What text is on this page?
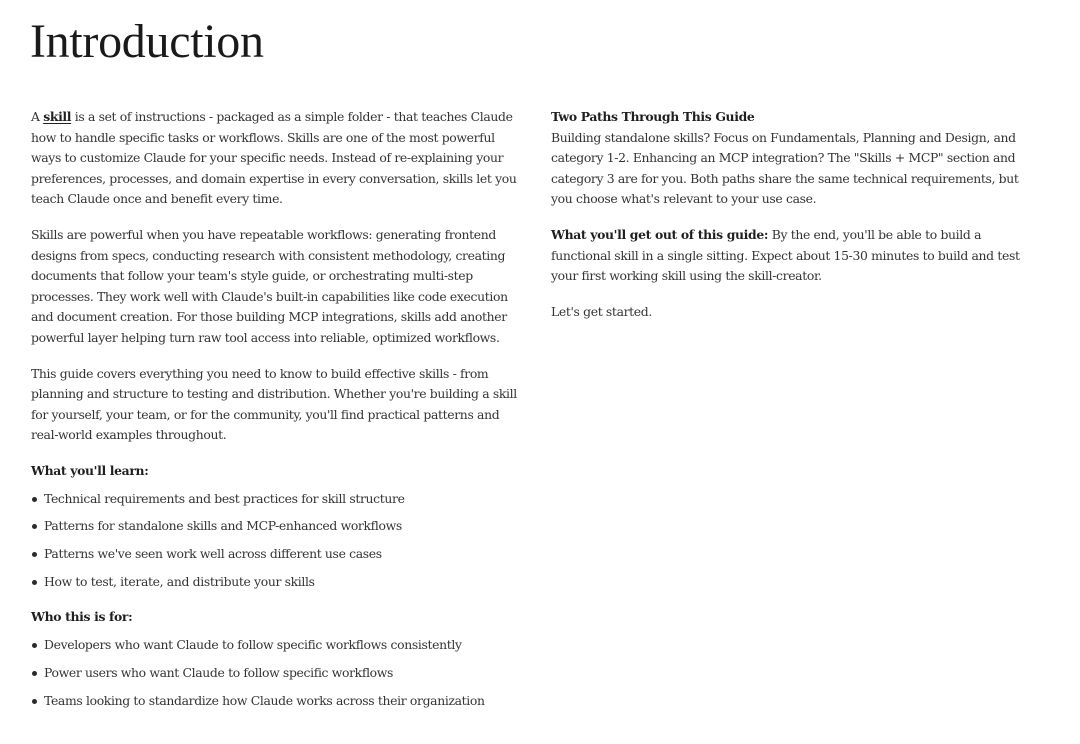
Introduction

A skill is a set of instructions - packaged as a simple folder - that teaches Claude how to handle specific tasks or workflows. Skills are one of the most powerful ways to customize Claude for your specific needs. Instead of re-explaining your preferences, processes, and domain expertise in every conversation, skills let you teach Claude once and benefit every time.

Skills are powerful when you have repeatable workflows: generating frontend designs from specs, conducting research with consistent methodology, creating documents that follow your team's style guide, or orchestrating multi-step processes. They work well with Claude's built-in capabilities like code execution and document creation. For those building MCP integrations, skills add another powerful layer helping turn raw tool access into reliable, optimized workflows.

This guide covers everything you need to know to build effective skills - from planning and structure to testing and distribution. Whether you're building a skill for yourself, your team, or for the community, you'll find practical patterns and real-world examples throughout.

What you'll learn:
Technical requirements and best practices for skill structure
Patterns for standalone skills and MCP-enhanced workflows
Patterns we've seen work well across different use cases
How to test, iterate, and distribute your skills
Who this is for:
Developers who want Claude to follow specific workflows consistently
Power users who want Claude to follow specific workflows
Teams looking to standardize how Claude works across their organization

Two Paths Through This Guide
Building standalone skills? Focus on Fundamentals, Planning and Design, and category 1-2. Enhancing an MCP integration? The "Skills + MCP" section and category 3 are for you. Both paths share the same technical requirements, but you choose what's relevant to your use case.

What you'll get out of this guide: By the end, you'll be able to build a functional skill in a single sitting. Expect about 15-30 minutes to build and test your first working skill using the skill-creator.

Let's get started.
